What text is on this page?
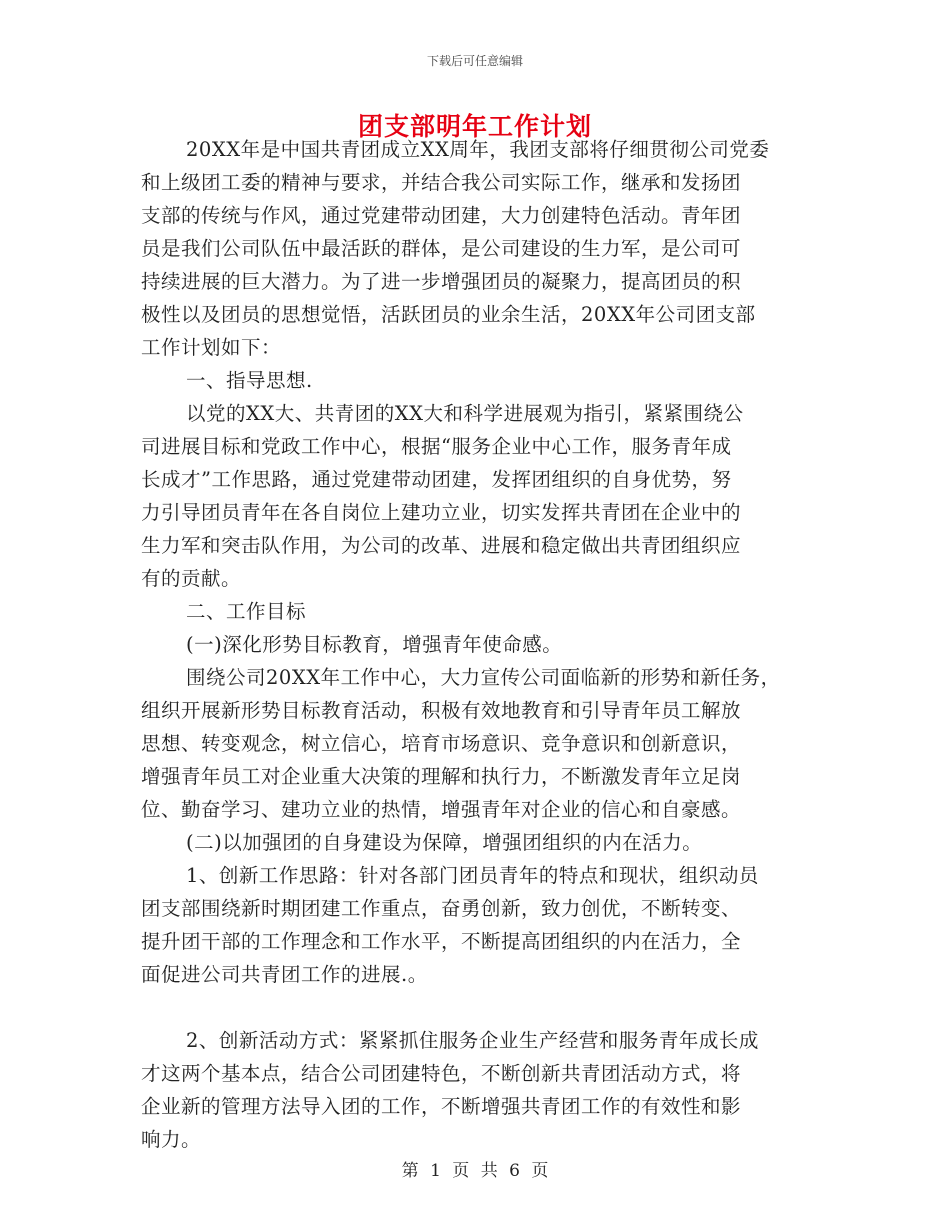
下载后可任意编辑
团支部明年工作计划
20XX年是中国共青团成立XX周年，我团支部将仔细贯彻公司党委
和上级团工委的精神与要求，并结合我公司实际工作，继承和发扬团
支部的传统与作风，通过党建带动团建，大力创建特色活动。青年团
员是我们公司队伍中最活跃的群体，是公司建设的生力军，是公司可
持续进展的巨大潜力。为了进一步增强团员的凝聚力，提高团员的积
极性以及团员的思想觉悟，活跃团员的业余生活，20XX年公司团支部
工作计划如下：
一、指导思想.
以党的XX大、共青团的XX大和科学进展观为指引，紧紧围绕公
司进展目标和党政工作中心，根据“服务企业中心工作，服务青年成
长成才”工作思路，通过党建带动团建，发挥团组织的自身优势，努
力引导团员青年在各自岗位上建功立业，切实发挥共青团在企业中的
生力军和突击队作用，为公司的改革、进展和稳定做出共青团组织应
有的贡献。
二、工作目标
(一)深化形势目标教育，增强青年使命感。
围绕公司20XX年工作中心，大力宣传公司面临新的形势和新任务，
组织开展新形势目标教育活动，积极有效地教育和引导青年员工解放
思想、转变观念，树立信心，培育市场意识、竞争意识和创新意识，
增强青年员工对企业重大决策的理解和执行力，不断激发青年立足岗
位、勤奋学习、建功立业的热情，增强青年对企业的信心和自豪感。
(二)以加强团的自身建设为保障，增强团组织的内在活力。
1、创新工作思路：针对各部门团员青年的特点和现状，组织动员
团支部围绕新时期团建工作重点，奋勇创新，致力创优，不断转变、
提升团干部的工作理念和工作水平，不断提高团组织的内在活力，全
面促进公司共青团工作的进展.。
2、创新活动方式：紧紧抓住服务企业生产经营和服务青年成长成
才这两个基本点，结合公司团建特色，不断创新共青团活动方式，将
企业新的管理方法导入团的工作，不断增强共青团工作的有效性和影
响力。
第 1 页 共 6 页
